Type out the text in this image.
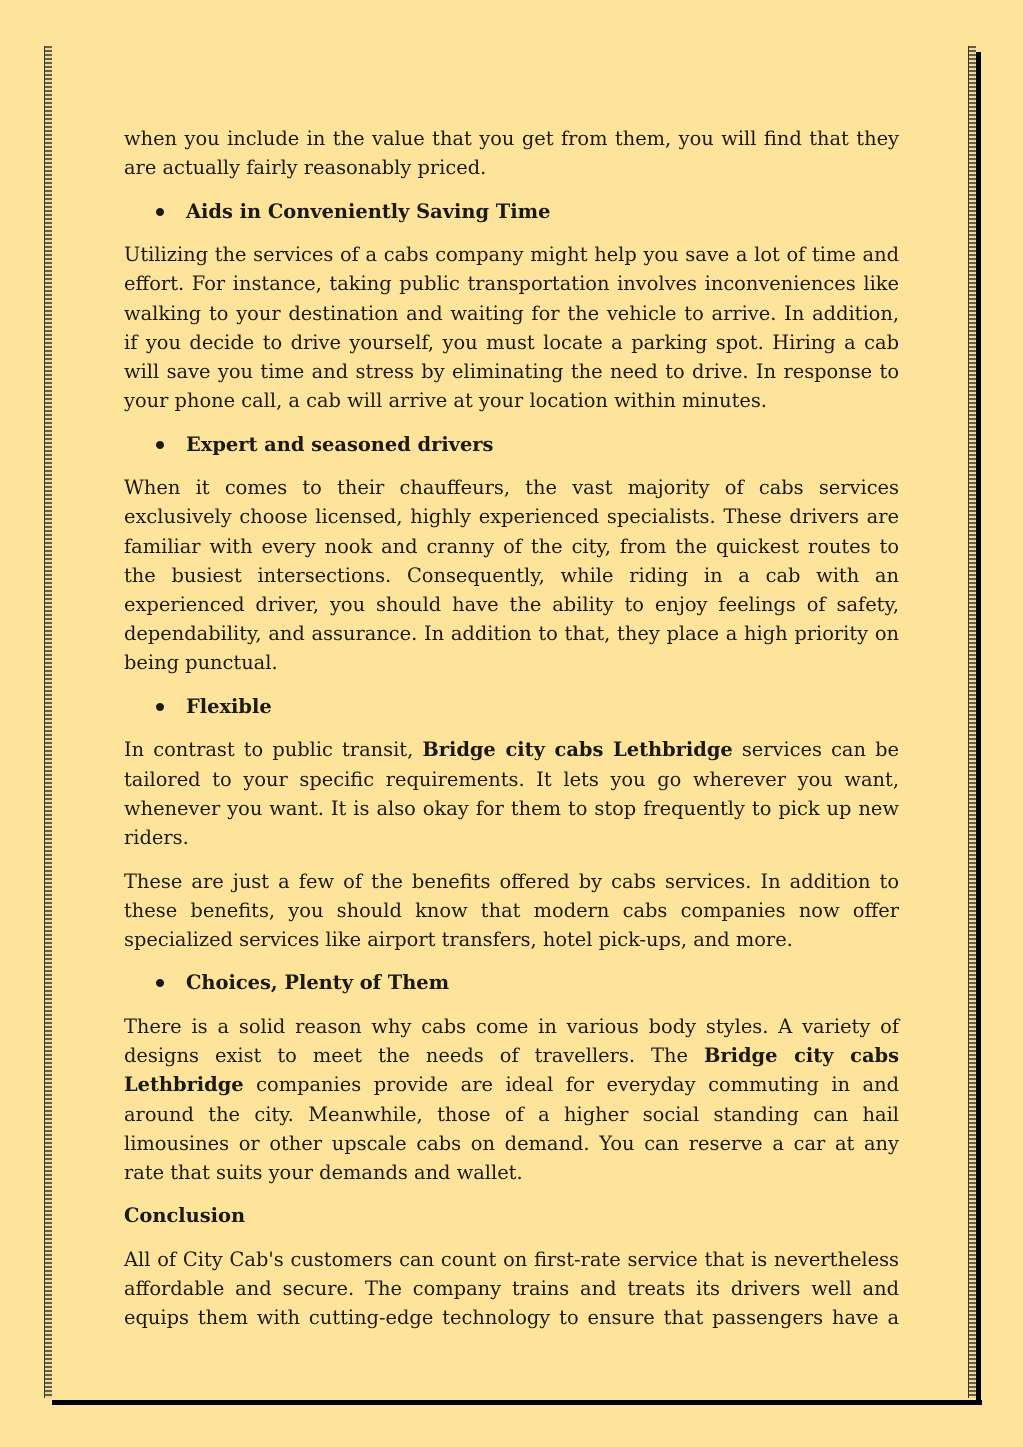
when you include in the value that you get from them, you will find that they are actually fairly reasonably priced.

Aids in Conveniently Saving Time

Utilizing the services of a cabs company might help you save a lot of time and effort. For instance, taking public transportation involves inconveniences like walking to your destination and waiting for the vehicle to arrive. In addition, if you decide to drive yourself, you must locate a parking spot. Hiring a cab will save you time and stress by eliminating the need to drive. In response to your phone call, a cab will arrive at your location within minutes.

Expert and seasoned drivers

When it comes to their chauffeurs, the vast majority of cabs services exclusively choose licensed, highly experienced specialists. These drivers are familiar with every nook and cranny of the city, from the quickest routes to the busiest intersections. Consequently, while riding in a cab with an experienced driver, you should have the ability to enjoy feelings of safety, dependability, and assurance. In addition to that, they place a high priority on being punctual.

Flexible

In contrast to public transit, Bridge city cabs Lethbridge services can be tailored to your specific requirements. It lets you go wherever you want, whenever you want. It is also okay for them to stop frequently to pick up new riders.

These are just a few of the benefits offered by cabs services. In addition to these benefits, you should know that modern cabs companies now offer specialized services like airport transfers, hotel pick-ups, and more.

Choices, Plenty of Them

There is a solid reason why cabs come in various body styles. A variety of designs exist to meet the needs of travellers. The Bridge city cabs Lethbridge companies provide are ideal for everyday commuting in and around the city. Meanwhile, those of a higher social standing can hail limousines or other upscale cabs on demand. You can reserve a car at any rate that suits your demands and wallet.

Conclusion

All of City Cab's customers can count on first-rate service that is nevertheless affordable and secure. The company trains and treats its drivers well and equips them with cutting-edge technology to ensure that passengers have a
